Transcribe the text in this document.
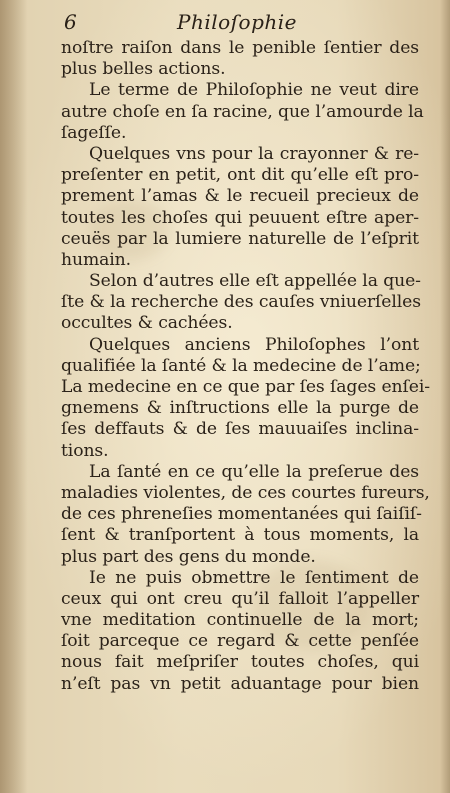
6	Philoſophie
noſtre raiſon dans le penible ſentier des
plus belles actions.
Le terme de Philoſophie ne veut dire
autre choſe en ſa racine, que l’amourde la
ſageſſe.
Quelques vns pour la crayonner & re-
preſenter en petit, ont dit qu’elle eſt pro-
prement l’amas & le recueil precieux de
toutes les choſes qui peuuent eſtre aper-
ceuës par la lumiere naturelle de l’eſprit
humain.
Selon d’autres elle eſt appellée la que-
ſte & la recherche des cauſes vniuerſelles
occultes & cachées.
Quelques anciens Philoſophes l’ont
qualifiée la ſanté & la medecine de l’ame;
La medecine en ce que par ſes ſages enſei-
gnemens & inſtructions elle la purge de
ſes deffauts & de ſes mauuaiſes inclina-
tions.
La ſanté en ce qu’elle la preſerue des
maladies violentes, de ces courtes fureurs,
de ces phreneſies momentanées qui ſaiſiſ-
ſent & tranſportent à tous moments, la
plus part des gens du monde.
Ie ne puis obmettre le ſentiment de
ceux qui ont creu qu’il falloit l’appeller
vne meditation continuelle de la mort;
ſoit parceque ce regard & cette penſée
nous fait meſpriſer toutes choſes, qui
n’eſt pas vn petit aduantage pour bien
